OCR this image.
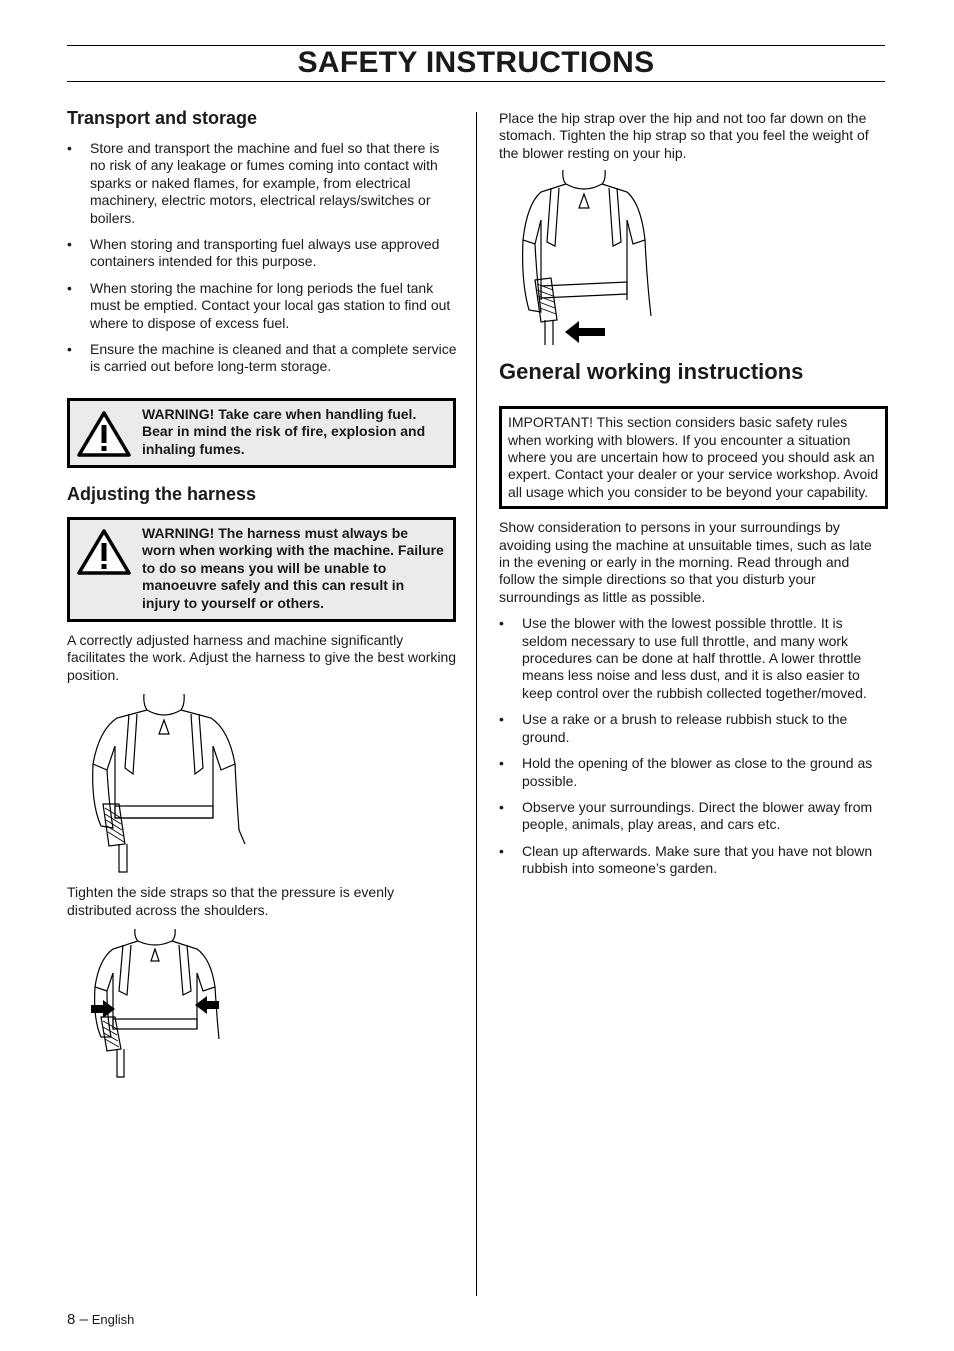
SAFETY INSTRUCTIONS
Transport and storage
• Store and transport the machine and fuel so that there is no risk of any leakage or fumes coming into contact with sparks or naked flames, for example, from electrical machinery, electric motors, electrical relays/switches or boilers.
• When storing and transporting fuel always use approved containers intended for this purpose.
• When storing the machine for long periods the fuel tank must be emptied. Contact your local gas station to find out where to dispose of excess fuel.
• Ensure the machine is cleaned and that a complete service is carried out before long-term storage.
WARNING! Take care when handling fuel. Bear in mind the risk of fire, explosion and inhaling fumes.
Adjusting the harness
WARNING! The harness must always be worn when working with the machine. Failure to do so means you will be unable to manoeuvre safely and this can result in injury to yourself or others.

A correctly adjusted harness and machine significantly facilitates the work. Adjust the harness to give the best working position.

Tighten the side straps so that the pressure is evenly distributed across the shoulders.

Place the hip strap over the hip and not too far down on the stomach. Tighten the hip strap so that you feel the weight of the blower resting on your hip.

General working instructions

IMPORTANT! This section considers basic safety rules when working with blowers. If you encounter a situation where you are uncertain how to proceed you should ask an expert. Contact your dealer or your service workshop. Avoid all usage which you consider to be beyond your capability.

Show consideration to persons in your surroundings by avoiding using the machine at unsuitable times, such as late in the evening or early in the morning. Read through and follow the simple directions so that you disturb your surroundings as little as possible.

• Use the blower with the lowest possible throttle. It is seldom necessary to use full throttle, and many work procedures can be done at half throttle. A lower throttle means less noise and less dust, and it is also easier to keep control over the rubbish collected together/moved.
• Use a rake or a brush to release rubbish stuck to the ground.
• Hold the opening of the blower as close to the ground as possible.
• Observe your surroundings. Direct the blower away from people, animals, play areas, and cars etc.
• Clean up afterwards. Make sure that you have not blown rubbish into someone’s garden.
8 – English
